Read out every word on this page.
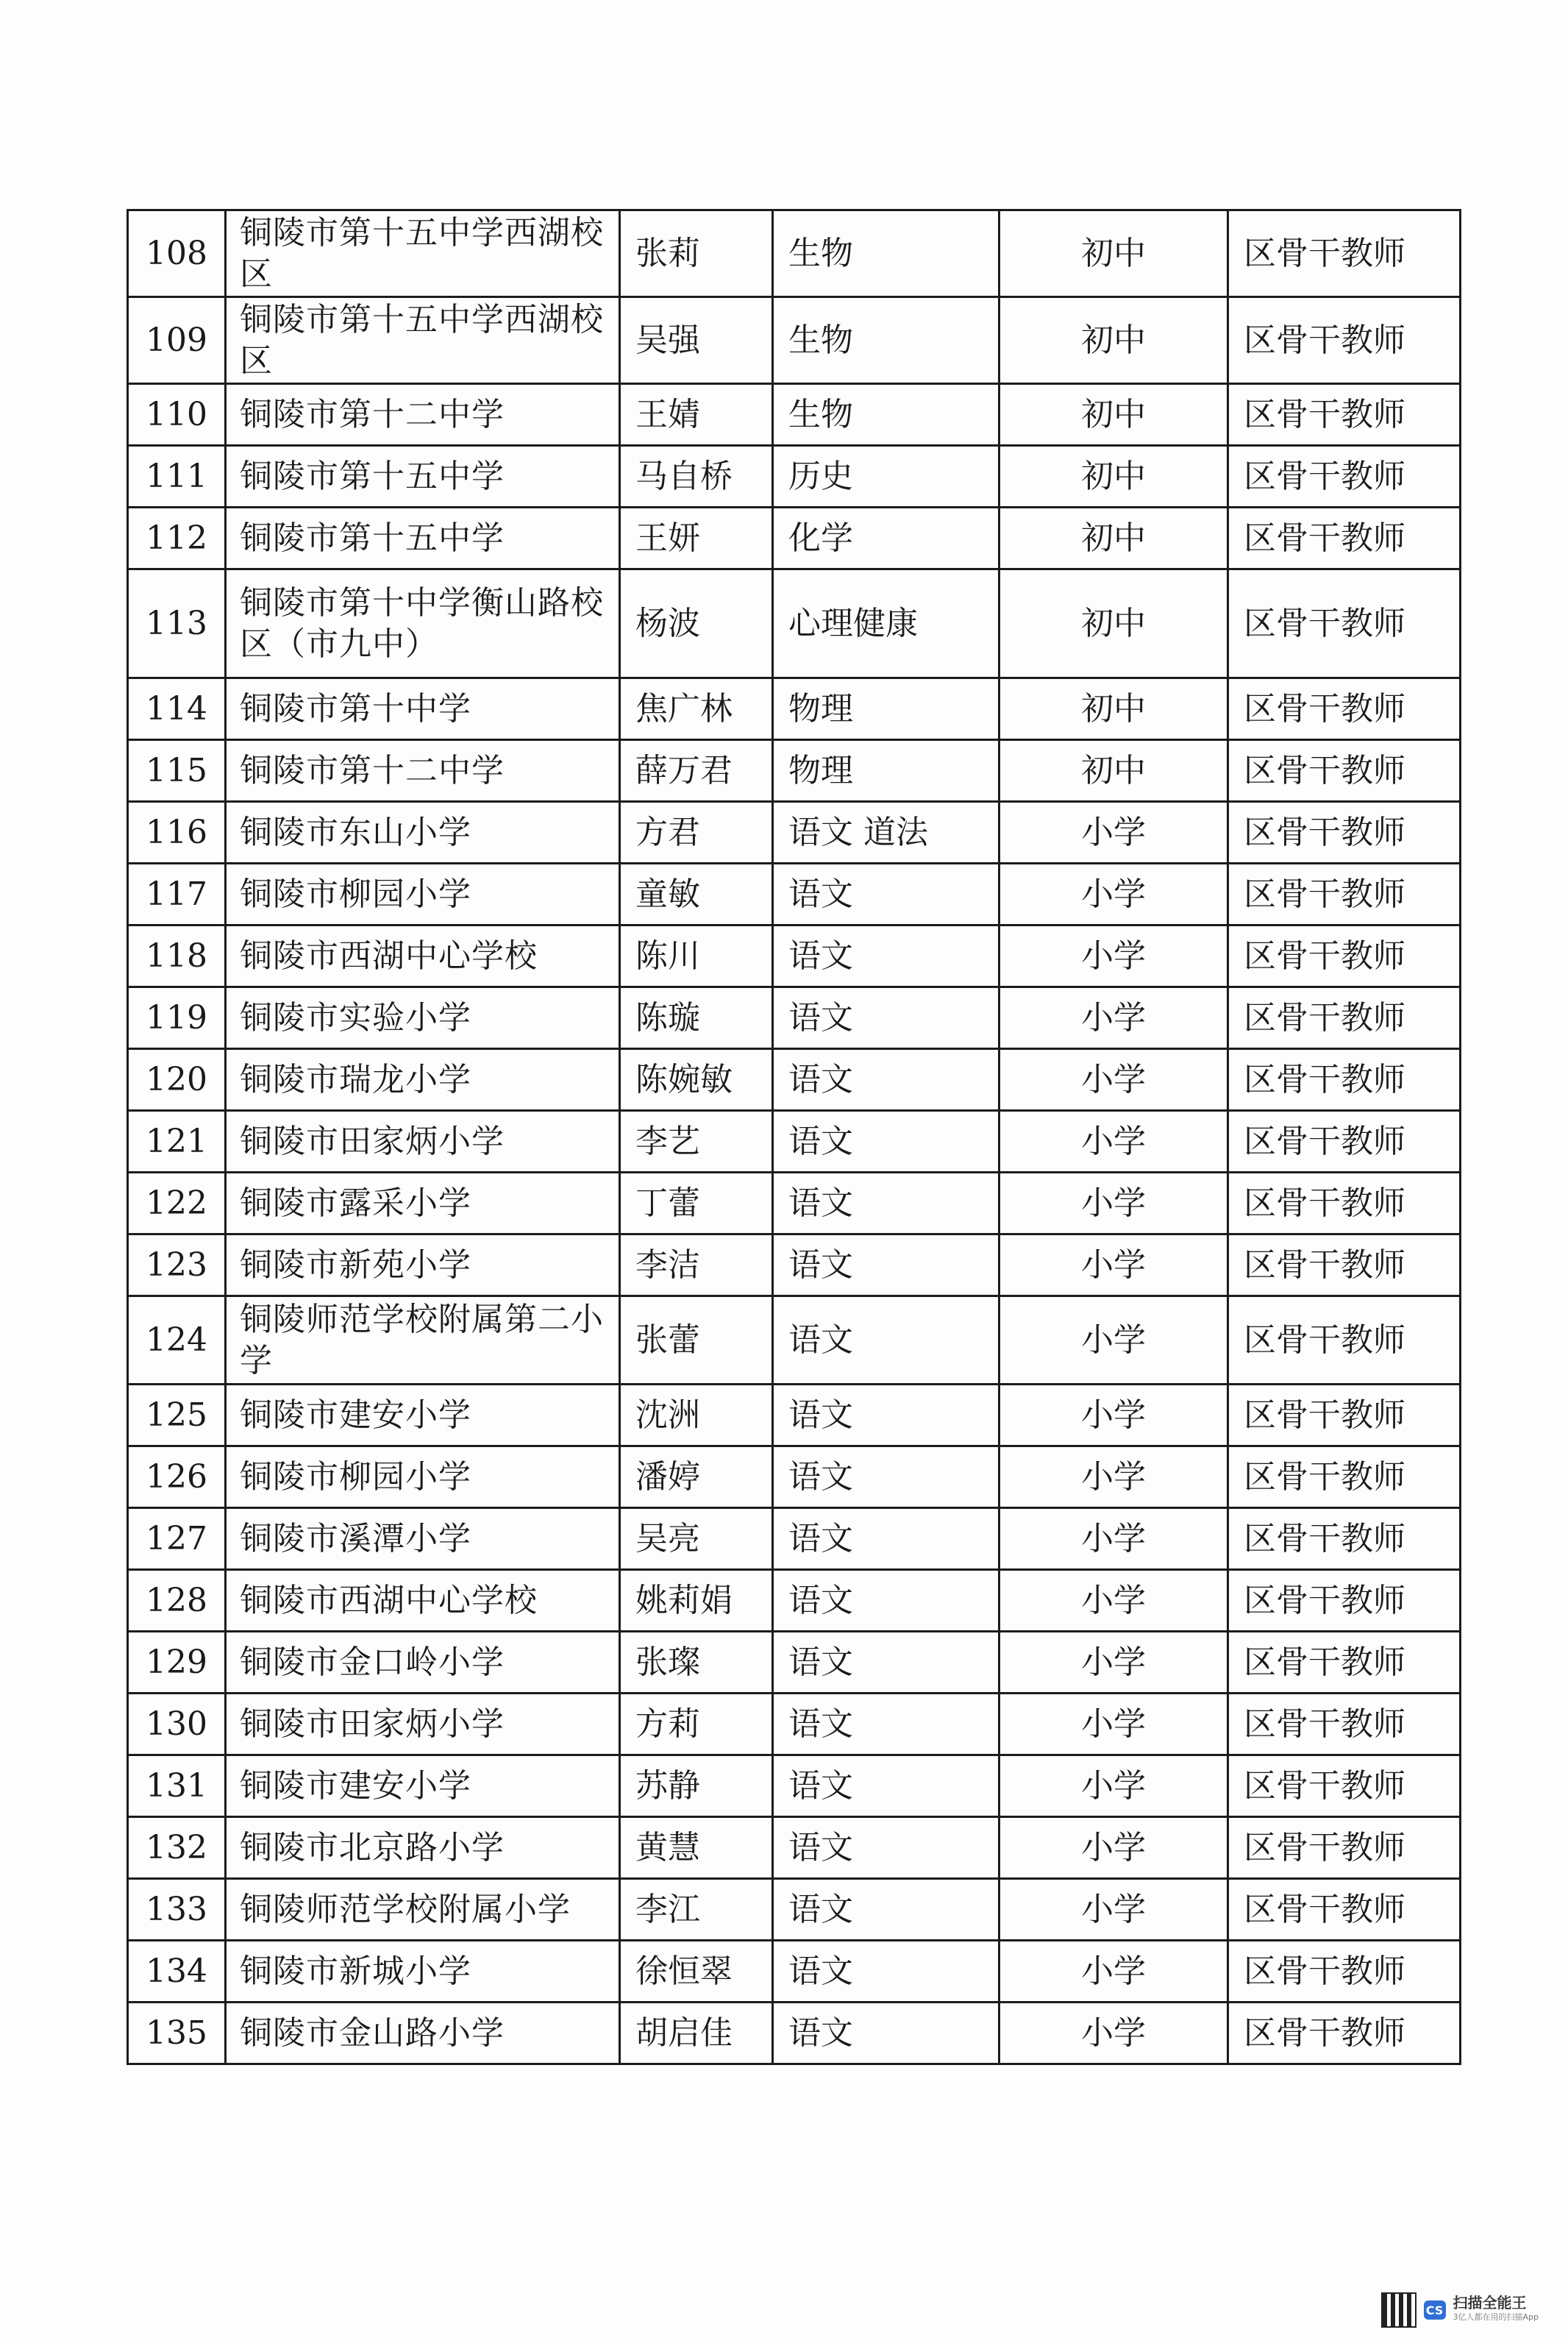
108	铜陵市第十五中学西湖校区	张莉	生物	初中	区骨干教师
109	铜陵市第十五中学西湖校区	吴强	生物	初中	区骨干教师
110	铜陵市第十二中学	王婧	生物	初中	区骨干教师
111	铜陵市第十五中学	马自桥	历史	初中	区骨干教师
112	铜陵市第十五中学	王妍	化学	初中	区骨干教师
113	铜陵市第十中学衡山路校区（市九中）	杨波	心理健康	初中	区骨干教师
114	铜陵市第十中学	焦广林	物理	初中	区骨干教师
115	铜陵市第十二中学	薛万君	物理	初中	区骨干教师
116	铜陵市东山小学	方君	语文 道法	小学	区骨干教师
117	铜陵市柳园小学	童敏	语文	小学	区骨干教师
118	铜陵市西湖中心学校	陈川	语文	小学	区骨干教师
119	铜陵市实验小学	陈璇	语文	小学	区骨干教师
120	铜陵市瑞龙小学	陈婉敏	语文	小学	区骨干教师
121	铜陵市田家炳小学	李艺	语文	小学	区骨干教师
122	铜陵市露采小学	丁蕾	语文	小学	区骨干教师
123	铜陵市新苑小学	李洁	语文	小学	区骨干教师
124	铜陵师范学校附属第二小学	张蕾	语文	小学	区骨干教师
125	铜陵市建安小学	沈洲	语文	小学	区骨干教师
126	铜陵市柳园小学	潘婷	语文	小学	区骨干教师
127	铜陵市溪潭小学	吴亮	语文	小学	区骨干教师
128	铜陵市西湖中心学校	姚莉娟	语文	小学	区骨干教师
129	铜陵市金口岭小学	张璨	语文	小学	区骨干教师
130	铜陵市田家炳小学	方莉	语文	小学	区骨干教师
131	铜陵市建安小学	苏静	语文	小学	区骨干教师
132	铜陵市北京路小学	黄慧	语文	小学	区骨干教师
133	铜陵师范学校附属小学	李江	语文	小学	区骨干教师
134	铜陵市新城小学	徐恒翠	语文	小学	区骨干教师
135	铜陵市金山路小学	胡启佳	语文	小学	区骨干教师
CS 扫描全能王
3亿人都在用的扫描App
